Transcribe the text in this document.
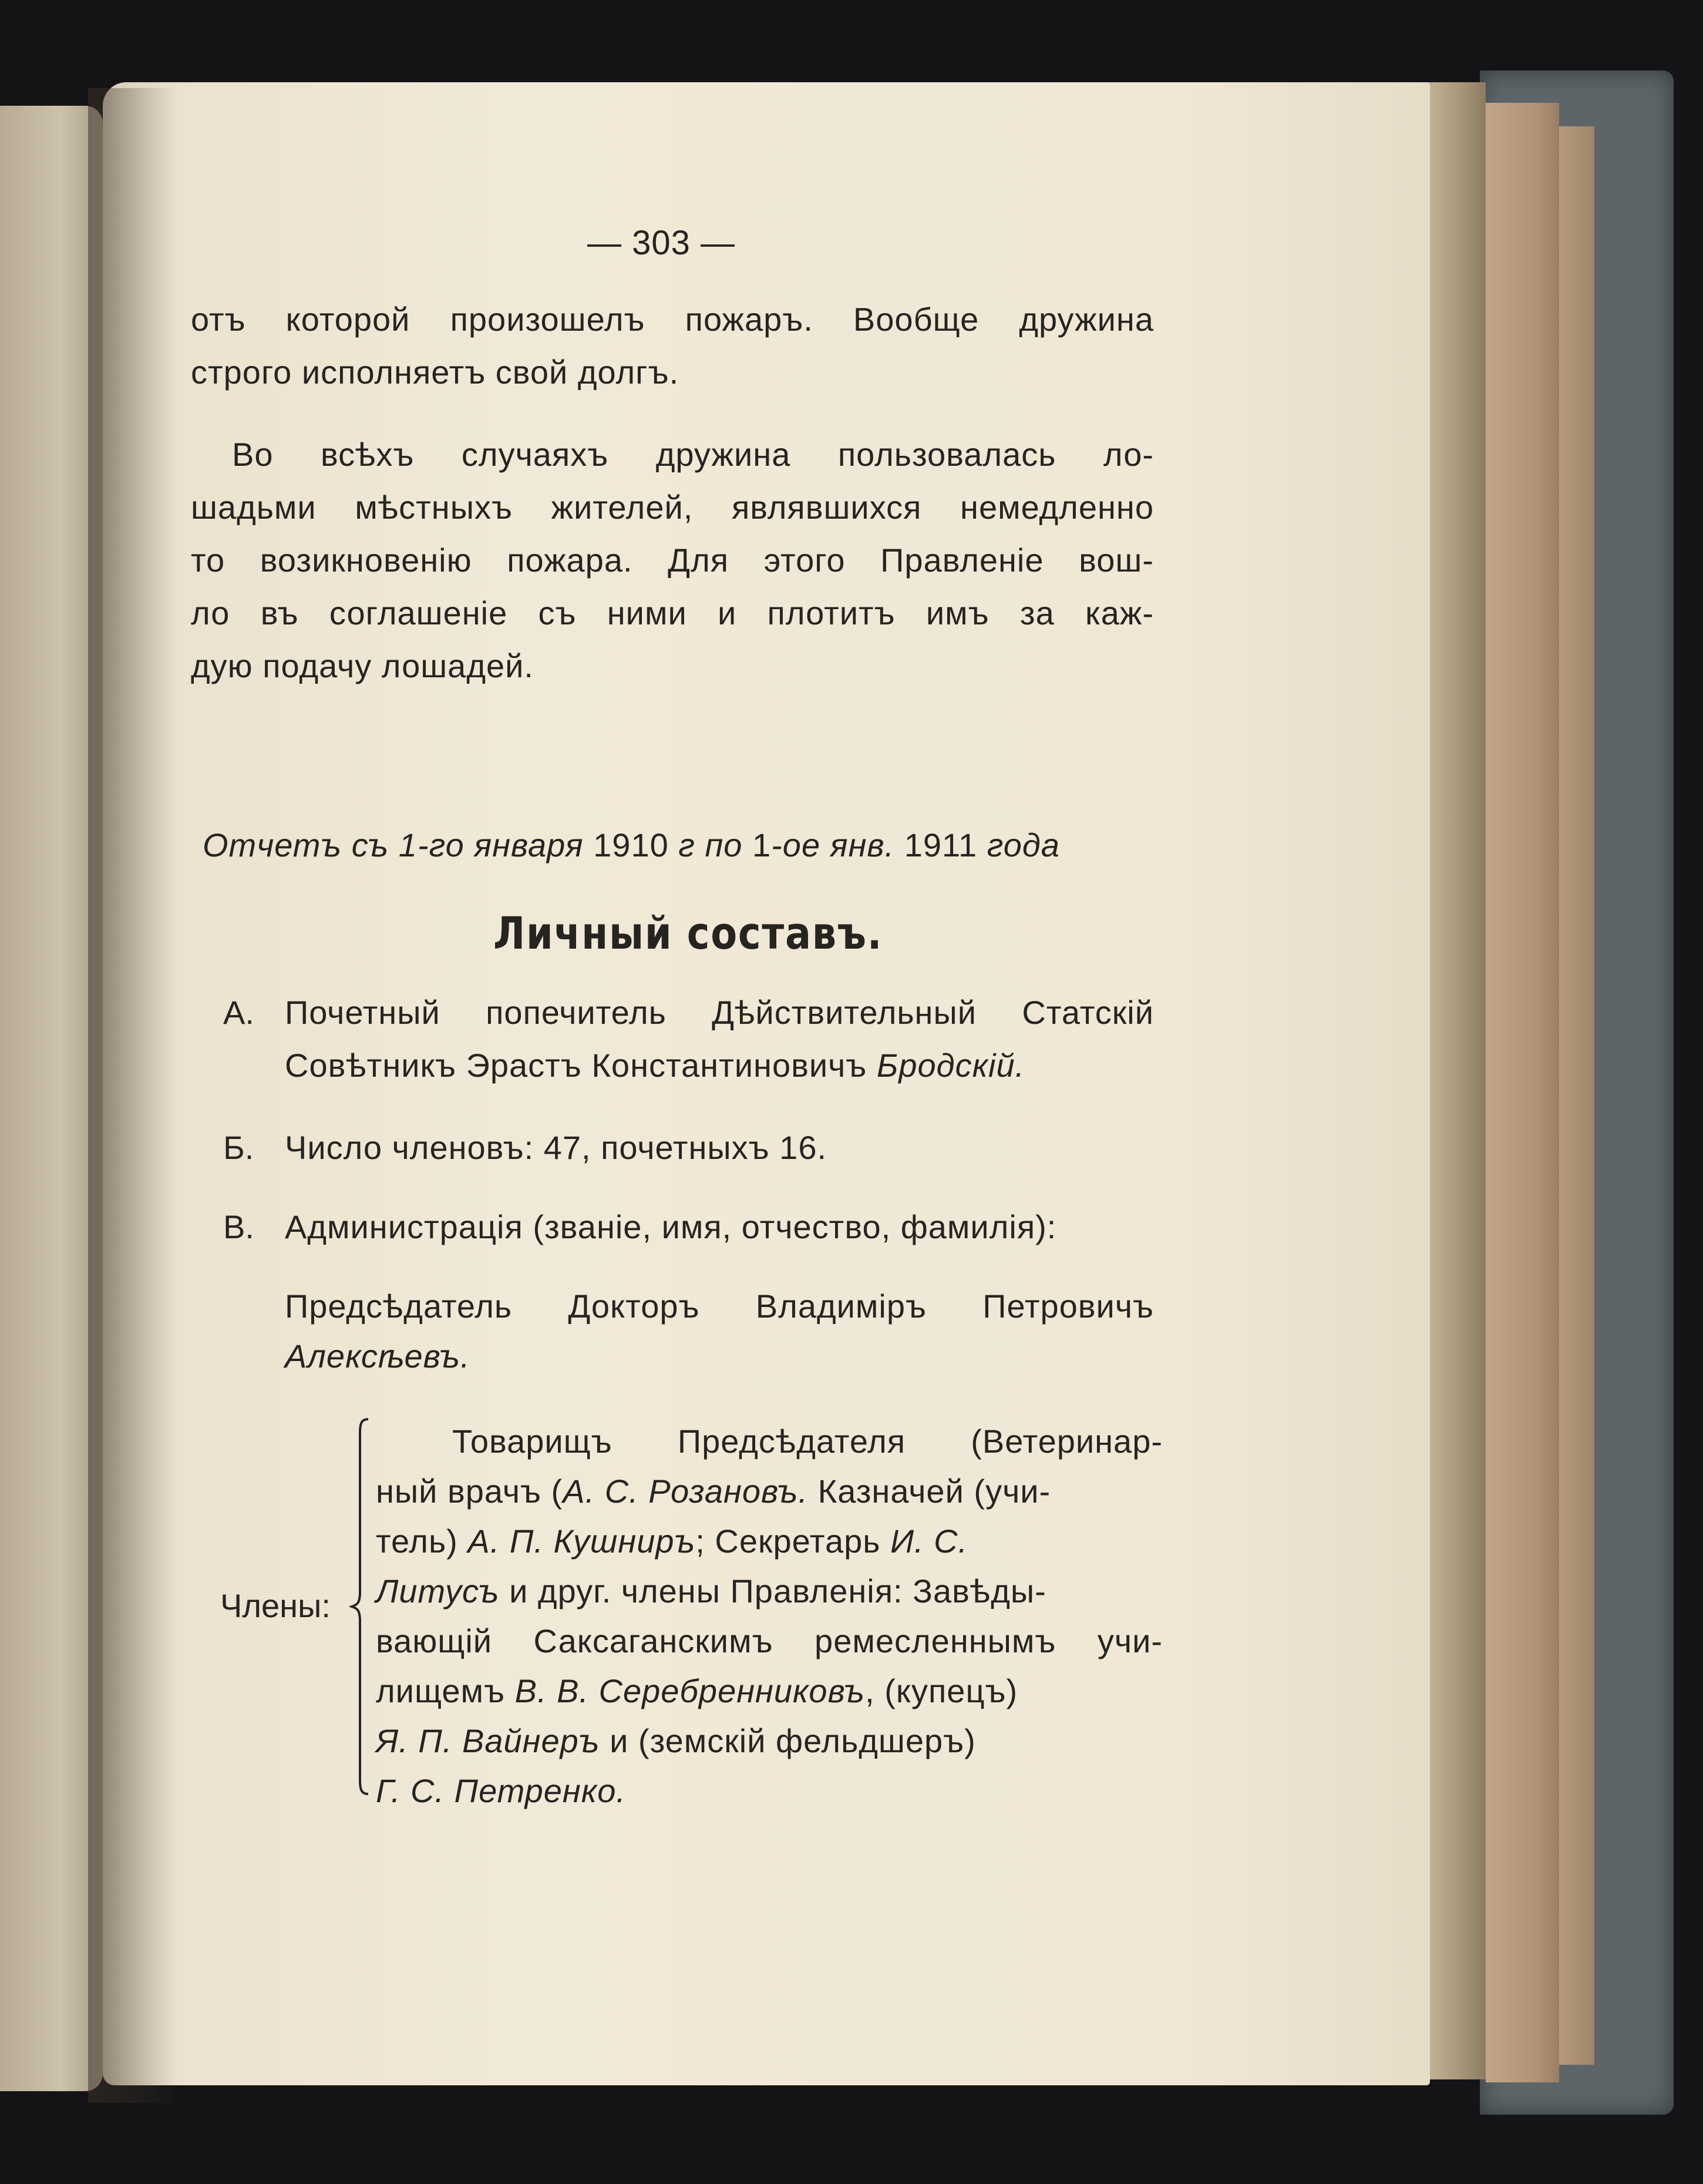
— 303 —
отъ которой произошелъ пожаръ. Вообще дружина
строго исполняетъ свой долгъ.
Во всѣхъ случаяхъ дружина пользовалась ло-
шадьми мѣстныхъ жителей, являвшихся немедленно
то возикновенію пожара. Для этого Правленіе вош-
ло въ соглашеніе съ ними и плотитъ имъ за каж-
дую подачу лошадей.
Отчетъ съ 1-го января 1910 г по 1-ое янв. 1911 года
Личный составъ.
А. Почетный попечитель Дѣйствительный Статскій
Совѣтникъ Эрастъ Константиновичъ Бродскій.
Б. Число членовъ: 47, почетныхъ 16.
В. Администрація (званіе, имя, отчество, фамилія):
Предсѣдатель Докторъ Владиміръ Петровичъ
Алексѣевъ.
Члены:
Товарищъ Предсѣдателя (Ветеринар-
ный врачъ (А. С. Розановъ. Казначей (учи-
тель) А. П. Кушниръ; Секретарь И. С.
Литусъ и друг. члены Правленія: Завѣды-
вающій Саксаганскимъ ремесленнымъ учи-
лищемъ В. В. Серебренниковъ, (купецъ)
Я. П. Вайнеръ и (земскій фельдшеръ)
Г. С. Петренко.
